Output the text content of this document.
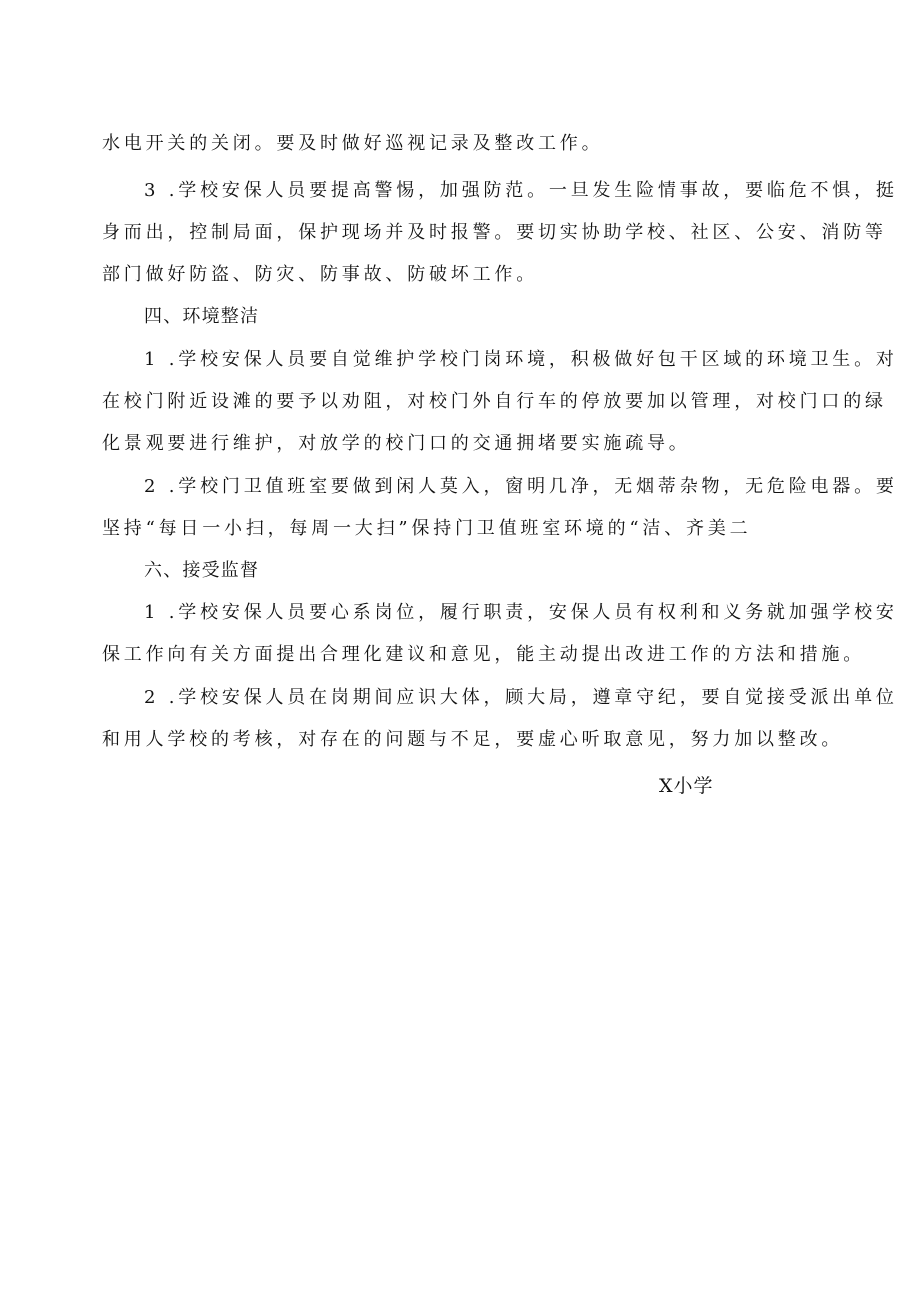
水电开关的关闭。要及时做好巡视记录及整改工作。
3 .学校安保人员要提高警惕，加强防范。一旦发生险情事故，要临危不惧，挺
身而出，控制局面，保护现场并及时报警。要切实协助学校、社区、公安、消防等
部门做好防盗、防灾、防事故、防破坏工作。
四、环境整洁
1 .学校安保人员要自觉维护学校门岗环境，积极做好包干区域的环境卫生。对
在校门附近设滩的要予以劝阻，对校门外自行车的停放要加以管理，对校门口的绿
化景观要进行维护，对放学的校门口的交通拥堵要实施疏导。
2 .学校门卫值班室要做到闲人莫入，窗明几净，无烟蒂杂物，无危险电器。要
坚持“每日一小扫，每周一大扫”保持门卫值班室环境的“洁、齐美二
六、接受监督
1 .学校安保人员要心系岗位，履行职责，安保人员有权利和义务就加强学校安
保工作向有关方面提出合理化建议和意见，能主动提出改进工作的方法和措施。
2 .学校安保人员在岗期间应识大体，顾大局，遵章守纪，要自觉接受派出单位
和用人学校的考核，对存在的问题与不足，要虚心听取意见，努力加以整改。
X小学
